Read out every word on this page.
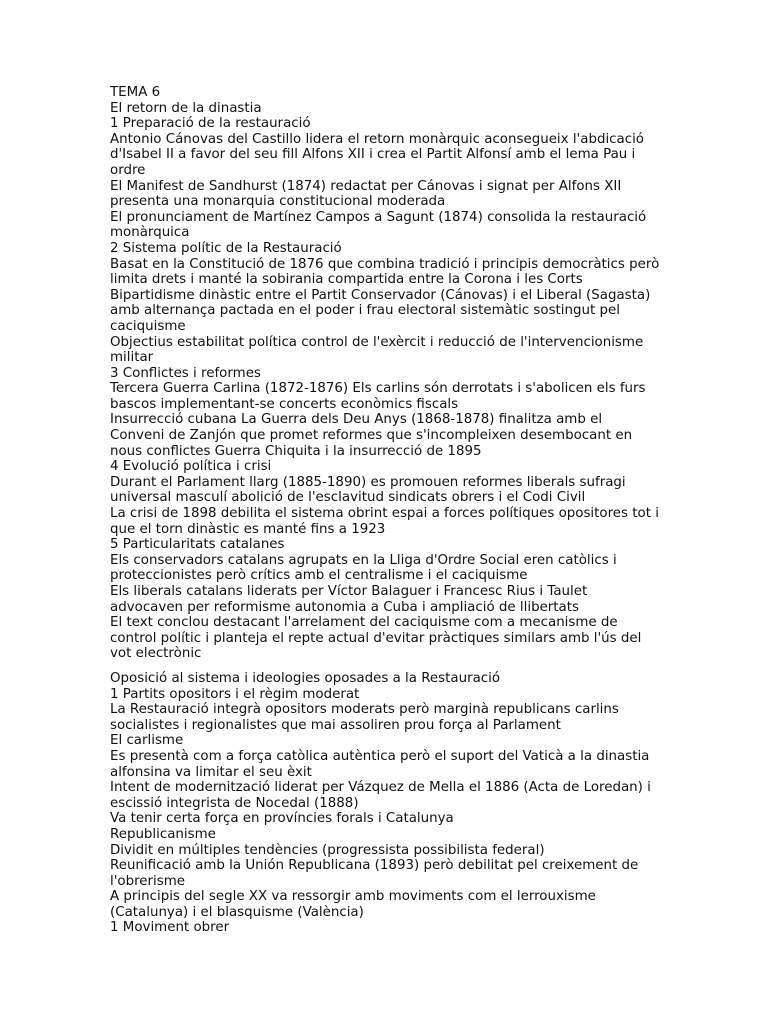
TEMA 6

El retorn de la dinastia

1 Preparació de la restauració

Antonio Cánovas del Castillo lidera el retorn monàrquic aconsegueix l'abdicació d'Isabel II a favor del seu fill Alfons XII i crea el Partit Alfonsí amb el lema Pau i ordre

El Manifest de Sandhurst (1874) redactat per Cánovas i signat per Alfons XII presenta una monarquia constitucional moderada

El pronunciament de Martínez Campos a Sagunt (1874) consolida la restauració monàrquica

2 Sistema polític de la Restauració

Basat en la Constitució de 1876 que combina tradició i principis democràtics però limita drets i manté la sobirania compartida entre la Corona i les Corts

Bipartidisme dinàstic entre el Partit Conservador (Cánovas) i el Liberal (Sagasta) amb alternança pactada en el poder i frau electoral sistemàtic sostingut pel caciquisme

Objectius estabilitat política control de l'exèrcit i reducció de l'intervencionisme militar

3 Conflictes i reformes

Tercera Guerra Carlina (1872-1876) Els carlins són derrotats i s'abolicen els furs bascos implementant-se concerts econòmics fiscals

Insurrecció cubana La Guerra dels Deu Anys (1868-1878) finalitza amb el Conveni de Zanjón que promet reformes que s'incompleixen desembocant en nous conflictes Guerra Chiquita i la insurrecció de 1895

4 Evolució política i crisi

Durant el Parlament llarg (1885-1890) es promouen reformes liberals sufragi universal masculí abolició de l'esclavitud sindicats obrers i el Codi Civil

La crisi de 1898 debilita el sistema obrint espai a forces polítiques opositores tot i que el torn dinàstic es manté fins a 1923

5 Particularitats catalanes

Els conservadors catalans agrupats en la Lliga d'Ordre Social eren catòlics i proteccionistes però crítics amb el centralisme i el caciquisme

Els liberals catalans liderats per Víctor Balaguer i Francesc Rius i Taulet advocaven per reformisme autonomia a Cuba i ampliació de llibertats

El text conclou destacant l'arrelament del caciquisme com a mecanisme de control polític i planteja el repte actual d'evitar pràctiques similars amb l'ús del vot electrònic

Oposició al sistema i ideologies oposades a la Restauració

1 Partits opositors i el règim moderat

La Restauració integrà opositors moderats però marginà republicans carlins socialistes i regionalistes que mai assoliren prou força al Parlament

El carlisme

Es presentà com a força catòlica autèntica però el suport del Vaticà a la dinastia alfonsina va limitar el seu èxit

Intent de modernització liderat per Vázquez de Mella el 1886 (Acta de Loredan) i escissió integrista de Nocedal (1888)

Va tenir certa força en províncies forals i Catalunya

Republicanisme

Dividit en múltiples tendències (progressista possibilista federal)

Reunificació amb la Unión Republicana (1893) però debilitat pel creixement de l'obrerisme

A principis del segle XX va ressorgir amb moviments com el lerrouxisme (Catalunya) i el blasquisme (València)

1 Moviment obrer
